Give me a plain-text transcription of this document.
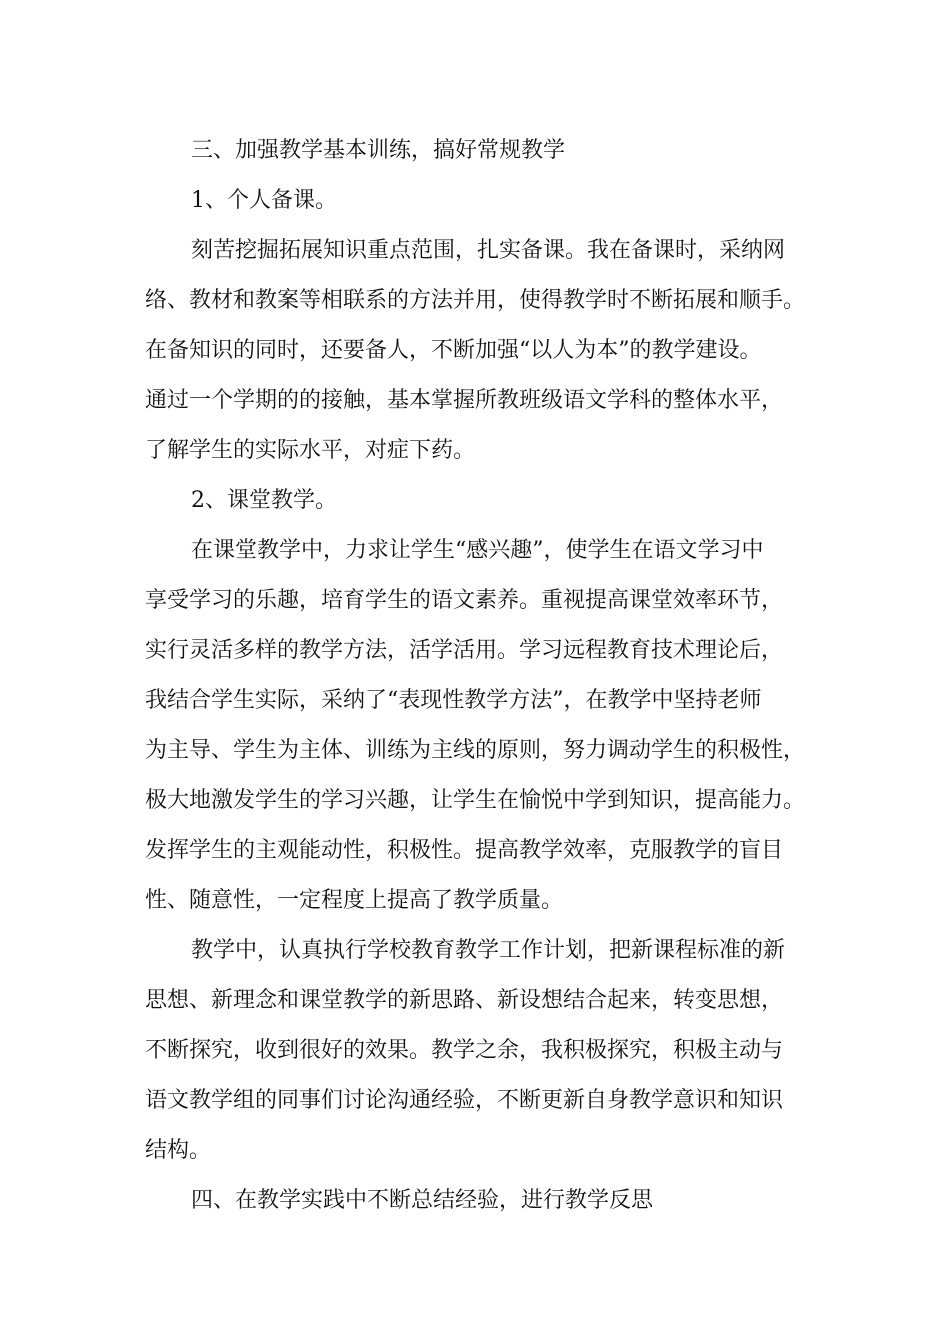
三、加强教学基本训练，搞好常规教学
1、个人备课。
刻苦挖掘拓展知识重点范围，扎实备课。我在备课时，采纳网
络、教材和教案等相联系的方法并用，使得教学时不断拓展和顺手。
在备知识的同时，还要备人，不断加强“以人为本”的教学建设。
通过一个学期的的接触，基本掌握所教班级语文学科的整体水平，
了解学生的实际水平，对症下药。
2、课堂教学。
在课堂教学中，力求让学生“感兴趣”，使学生在语文学习中
享受学习的乐趣，培育学生的语文素养。重视提高课堂效率环节，
实行灵活多样的教学方法，活学活用。学习远程教育技术理论后，
我结合学生实际，采纳了“表现性教学方法”，在教学中坚持老师
为主导、学生为主体、训练为主线的原则，努力调动学生的积极性，
极大地激发学生的学习兴趣，让学生在愉悦中学到知识，提高能力。
发挥学生的主观能动性，积极性。提高教学效率，克服教学的盲目
性、随意性，一定程度上提高了教学质量。
教学中，认真执行学校教育教学工作计划，把新课程标准的新
思想、新理念和课堂教学的新思路、新设想结合起来，转变思想，
不断探究，收到很好的效果。教学之余，我积极探究，积极主动与
语文教学组的同事们讨论沟通经验，不断更新自身教学意识和知识
结构。
四、在教学实践中不断总结经验，进行教学反思
